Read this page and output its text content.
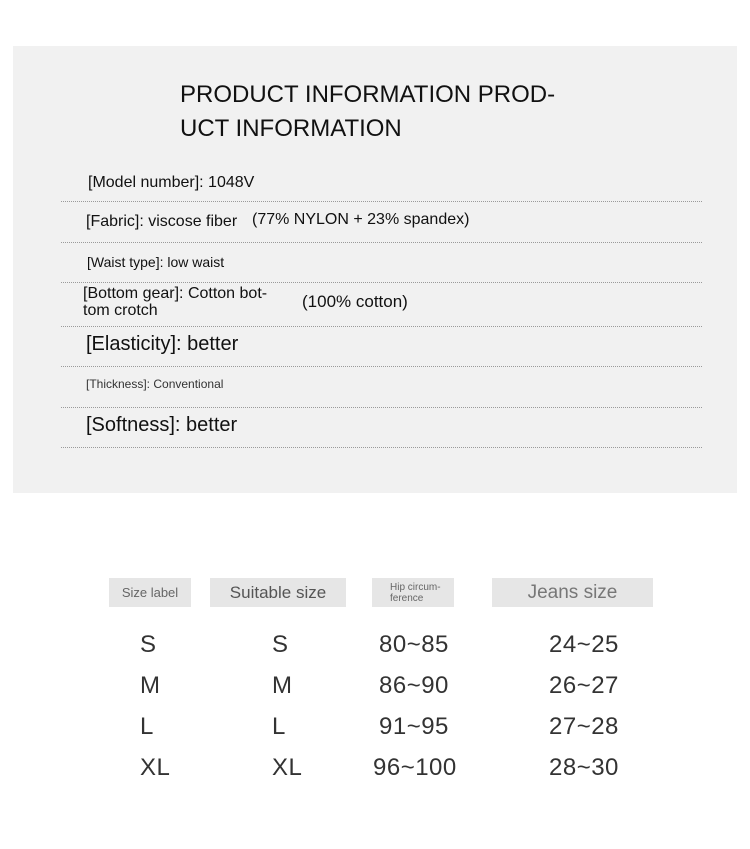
PRODUCT INFORMATION PROD-
UCT INFORMATION
[Model number]: 1048V
[Fabric]: viscose fiber (77% NYLON + 23% spandex)
[Waist type]: low waist
[Bottom gear]: Cotton bot-
tom crotch	(100% cotton)
[Elasticity]: better
[Thickness]: Conventional
[Softness]: better
Size label	Suitable size	Hip circum-
ference	Jeans size
S	S	80~85	24~25
M	M	86~90	26~27
L	L	91~95	27~28
XL	XL	96~100	28~30
